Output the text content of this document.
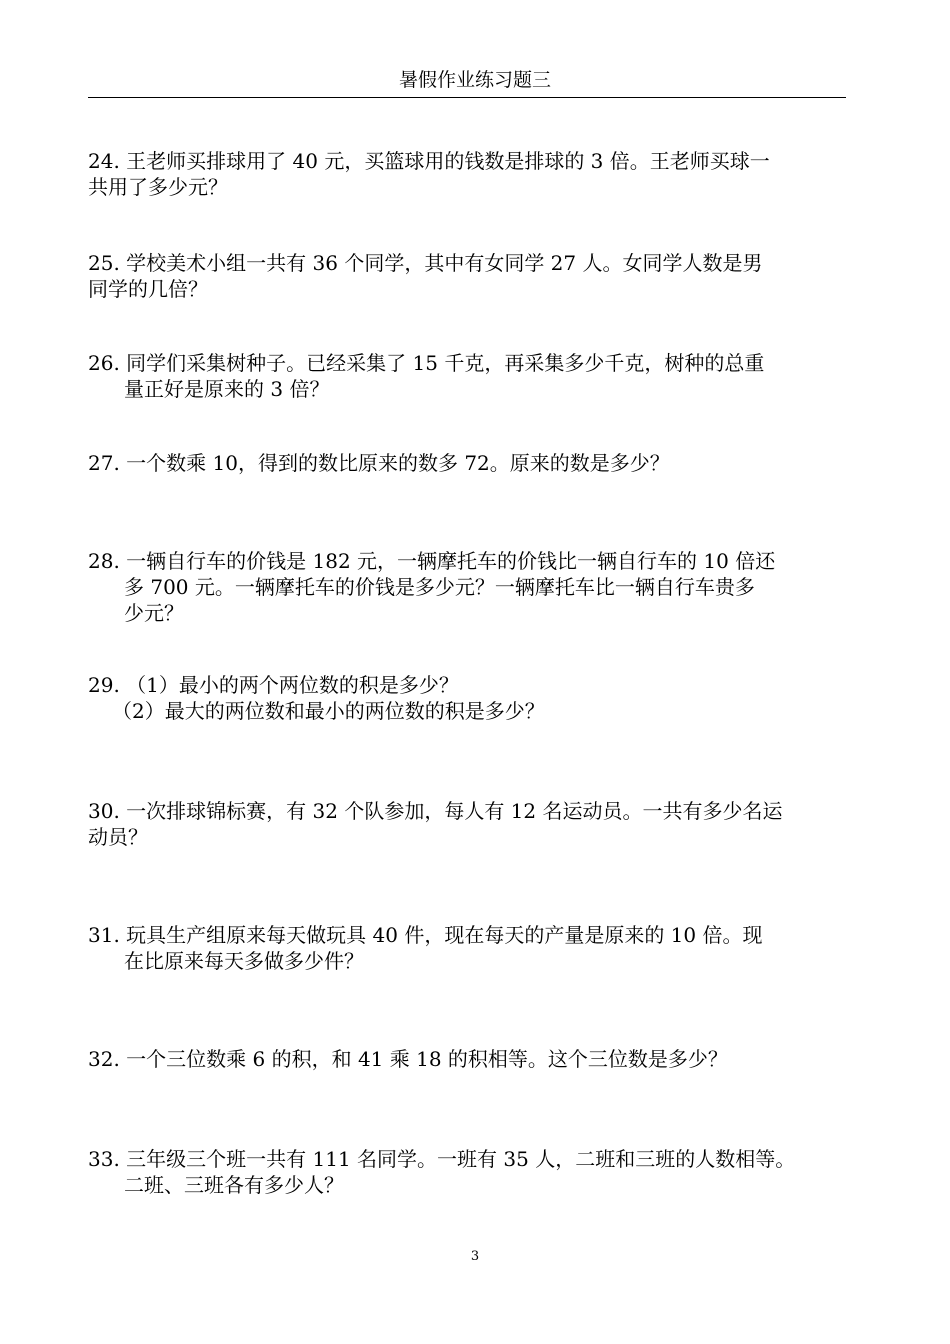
暑假作业练习题三
24. 王老师买排球用了 40 元，买篮球用的钱数是排球的 3 倍。王老师买球一
共用了多少元？
25. 学校美术小组一共有 36 个同学，其中有女同学 27 人。女同学人数是男
同学的几倍？
26. 同学们采集树种子。已经采集了 15 千克，再采集多少千克，树种的总重
量正好是原来的 3 倍？
27. 一个数乘 10，得到的数比原来的数多 72。原来的数是多少？
28. 一辆自行车的价钱是 182 元，一辆摩托车的价钱比一辆自行车的 10 倍还
多 700 元。一辆摩托车的价钱是多少元？一辆摩托车比一辆自行车贵多
少元？
29. （1）最小的两个两位数的积是多少？
（2）最大的两位数和最小的两位数的积是多少？
30. 一次排球锦标赛，有 32 个队参加，每人有 12 名运动员。一共有多少名运
动员？
31. 玩具生产组原来每天做玩具 40 件，现在每天的产量是原来的 10 倍。现
在比原来每天多做多少件？
32. 一个三位数乘 6 的积，和 41 乘 18 的积相等。这个三位数是多少？
33. 三年级三个班一共有 111 名同学。一班有 35 人，二班和三班的人数相等。
二班、三班各有多少人？
3
